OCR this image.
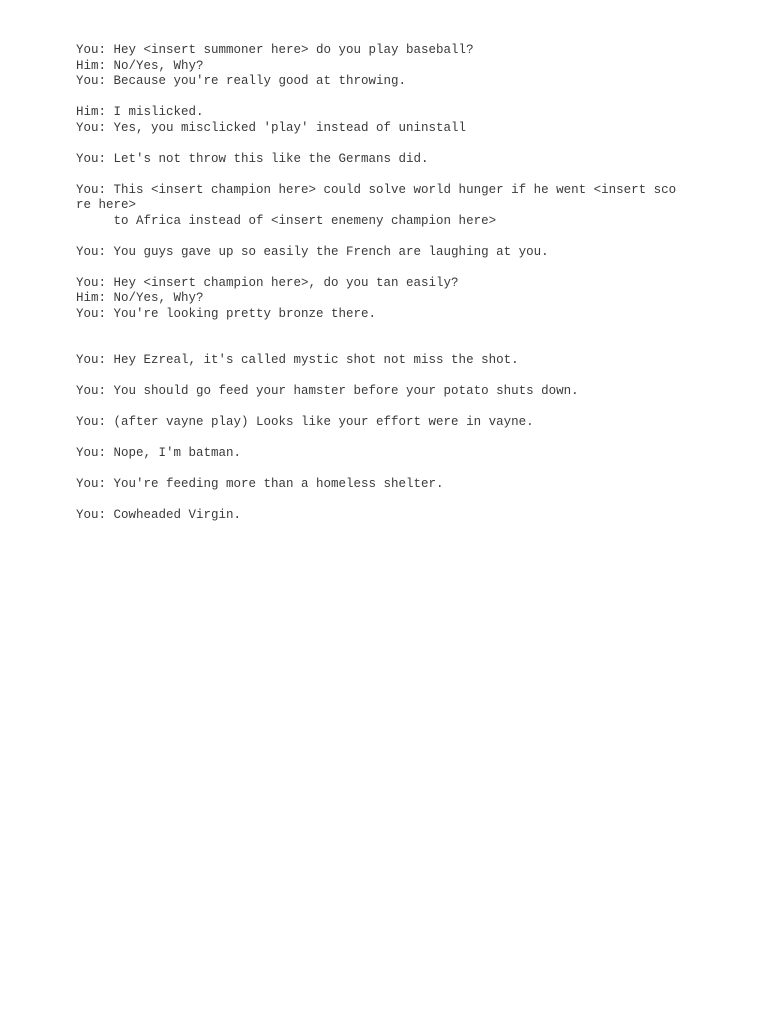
You: Hey <insert summoner here> do you play baseball?
Him: No/Yes, Why?
You: Because you're really good at throwing.
Him: I mislicked.
You: Yes, you misclicked 'play' instead of uninstall
You: Let's not throw this like the Germans did.
You: This <insert champion here> could solve world hunger if he went <insert sco
re here>
to Africa instead of <insert enemeny champion here>
You: You guys gave up so easily the French are laughing at you.
You: Hey <insert champion here>, do you tan easily?
Him: No/Yes, Why?
You: You're looking pretty bronze there.
You: Hey Ezreal, it's called mystic shot not miss the shot.
You: You should go feed your hamster before your potato shuts down.
You: (after vayne play) Looks like your effort were in vayne.
You: Nope, I'm batman.
You: You're feeding more than a homeless shelter.
You: Cowheaded Virgin.
